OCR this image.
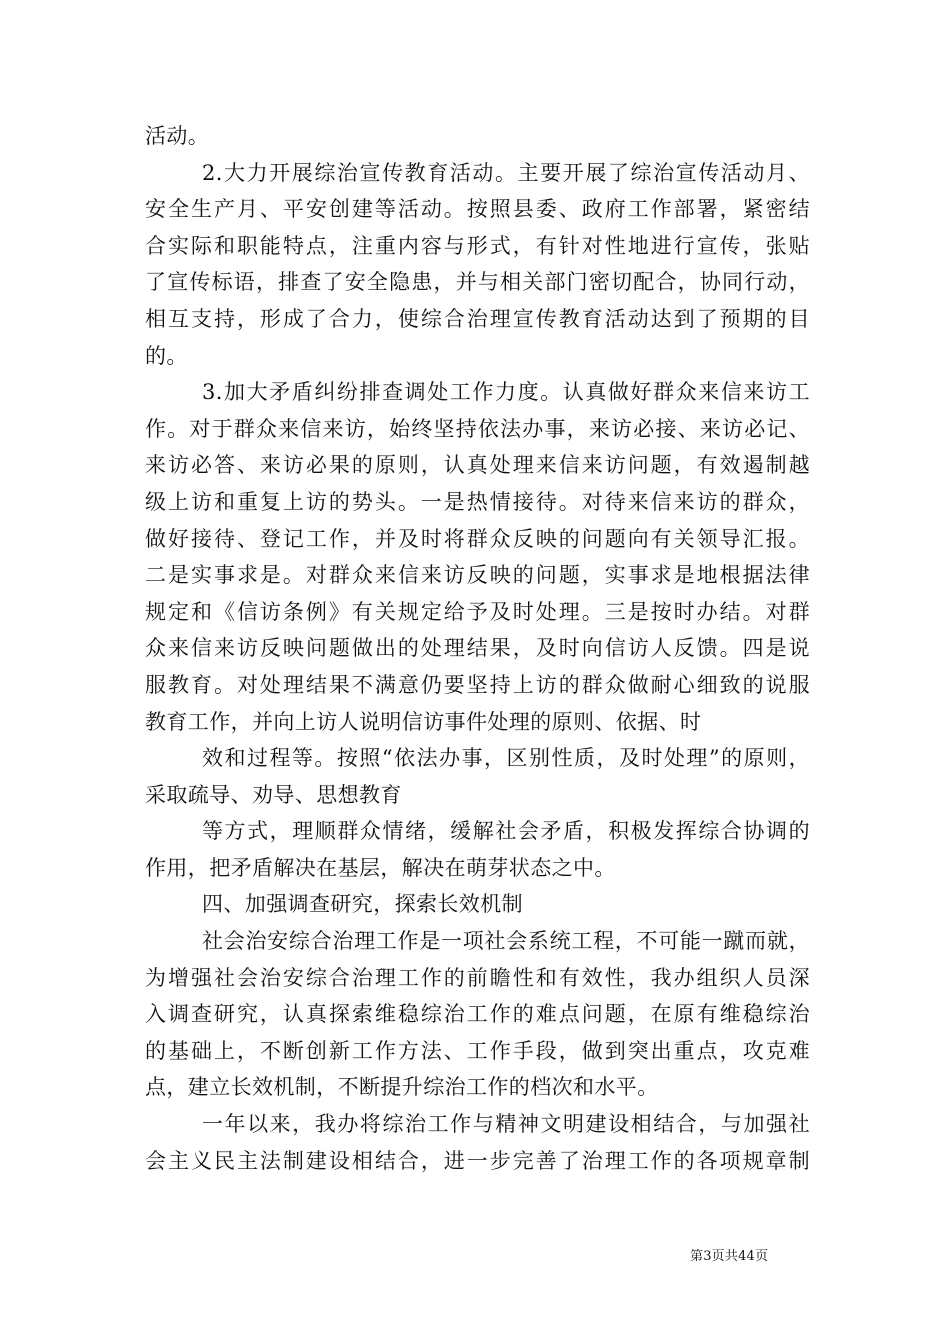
活动。
2.大力开展综治宣传教育活动。主要开展了综治宣传活动月、
安全生产月、平安创建等活动。按照县委、政府工作部署，紧密结
合实际和职能特点，注重内容与形式，有针对性地进行宣传，张贴
了宣传标语，排查了安全隐患，并与相关部门密切配合，协同行动，
相互支持，形成了合力，使综合治理宣传教育活动达到了预期的目
的。
3.加大矛盾纠纷排查调处工作力度。认真做好群众来信来访工
作。对于群众来信来访，始终坚持依法办事，来访必接、来访必记、
来访必答、来访必果的原则，认真处理来信来访问题，有效遏制越
级上访和重复上访的势头。一是热情接待。对待来信来访的群众，
做好接待、登记工作，并及时将群众反映的问题向有关领导汇报。
二是实事求是。对群众来信来访反映的问题，实事求是地根据法律
规定和《信访条例》有关规定给予及时处理。三是按时办结。对群
众来信来访反映问题做出的处理结果，及时向信访人反馈。四是说
服教育。对处理结果不满意仍要坚持上访的群众做耐心细致的说服
教育工作，并向上访人说明信访事件处理的原则、依据、时
效和过程等。按照“依法办事，区别性质，及时处理”的原则，
采取疏导、劝导、思想教育
等方式，理顺群众情绪，缓解社会矛盾，积极发挥综合协调的
作用，把矛盾解决在基层，解决在萌芽状态之中。
四、加强调查研究，探索长效机制
社会治安综合治理工作是一项社会系统工程，不可能一蹴而就，
为增强社会治安综合治理工作的前瞻性和有效性，我办组织人员深
入调查研究，认真探索维稳综治工作的难点问题，在原有维稳综治
的基础上，不断创新工作方法、工作手段，做到突出重点，攻克难
点，建立长效机制，不断提升综治工作的档次和水平。
一年以来，我办将综治工作与精神文明建设相结合，与加强社
会主义民主法制建设相结合，进一步完善了治理工作的各项规章制
第3页共44页
